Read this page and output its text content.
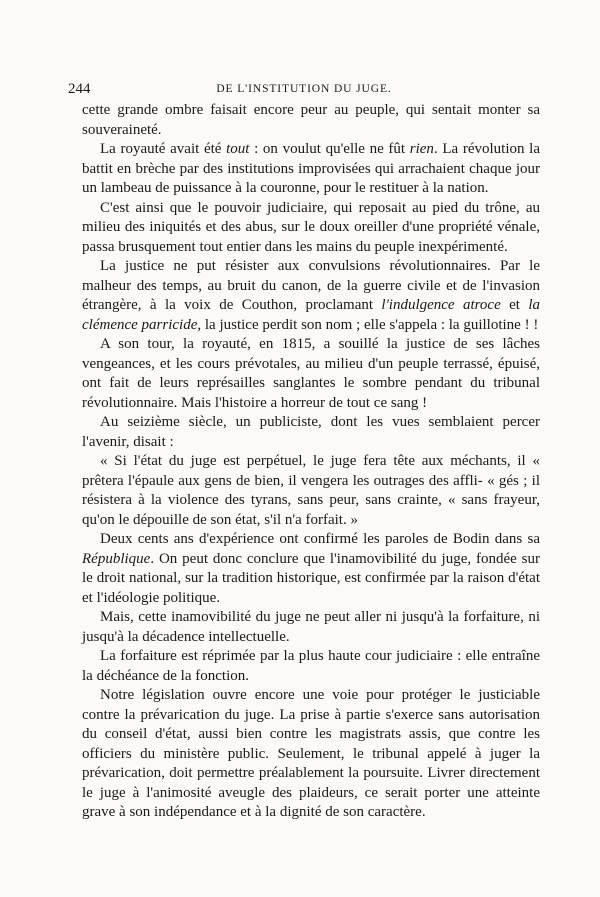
244	DE L'INSTITUTION DU JUGE.

cette grande ombre faisait encore peur au peuple, qui sentait monter sa souveraineté.

La royauté avait été tout : on voulut qu'elle ne fût rien. La révolution la battit en brèche par des institutions improvisées qui arrachaient chaque jour un lambeau de puissance à la couronne, pour le restituer à la nation.

C'est ainsi que le pouvoir judiciaire, qui reposait au pied du trône, au milieu des iniquités et des abus, sur le doux oreiller d'une propriété vénale, passa brusquement tout entier dans les mains du peuple inexpérimenté.

La justice ne put résister aux convulsions révolutionnaires. Par le malheur des temps, au bruit du canon, de la guerre civile et de l'invasion étrangère, à la voix de Couthon, proclamant l'indulgence atroce et la clémence parricide, la justice perdit son nom ; elle s'appela : la guillotine ! !

A son tour, la royauté, en 1815, a souillé la justice de ses lâches vengeances, et les cours prévotales, au milieu d'un peuple terrassé, épuisé, ont fait de leurs représailles sanglantes le sombre pendant du tribunal révolutionnaire. Mais l'histoire a horreur de tout ce sang !

Au seizième siècle, un publiciste, dont les vues semblaient percer l'avenir, disait :

« Si l'état du juge est perpétuel, le juge fera tête aux méchants, il « prêtera l'épaule aux gens de bien, il vengera les outrages des affli- « gés ; il résistera à la violence des tyrans, sans peur, sans crainte, « sans frayeur, qu'on le dépouille de son état, s'il n'a forfait. »

Deux cents ans d'expérience ont confirmé les paroles de Bodin dans sa République. On peut donc conclure que l'inamovibilité du juge, fondée sur le droit national, sur la tradition historique, est confirmée par la raison d'état et l'idéologie politique.

Mais, cette inamovibilité du juge ne peut aller ni jusqu'à la forfaiture, ni jusqu'à la décadence intellectuelle.

La forfaiture est réprimée par la plus haute cour judiciaire : elle entraîne la déchéance de la fonction.

Notre législation ouvre encore une voie pour protéger le justiciable contre la prévarication du juge. La prise à partie s'exerce sans autorisation du conseil d'état, aussi bien contre les magistrats assis, que contre les officiers du ministère public. Seulement, le tribunal appelé à juger la prévarication, doit permettre préalablement la poursuite. Livrer directement le juge à l'animosité aveugle des plaideurs, ce serait porter une atteinte grave à son indépendance et à la dignité de son caractère.
